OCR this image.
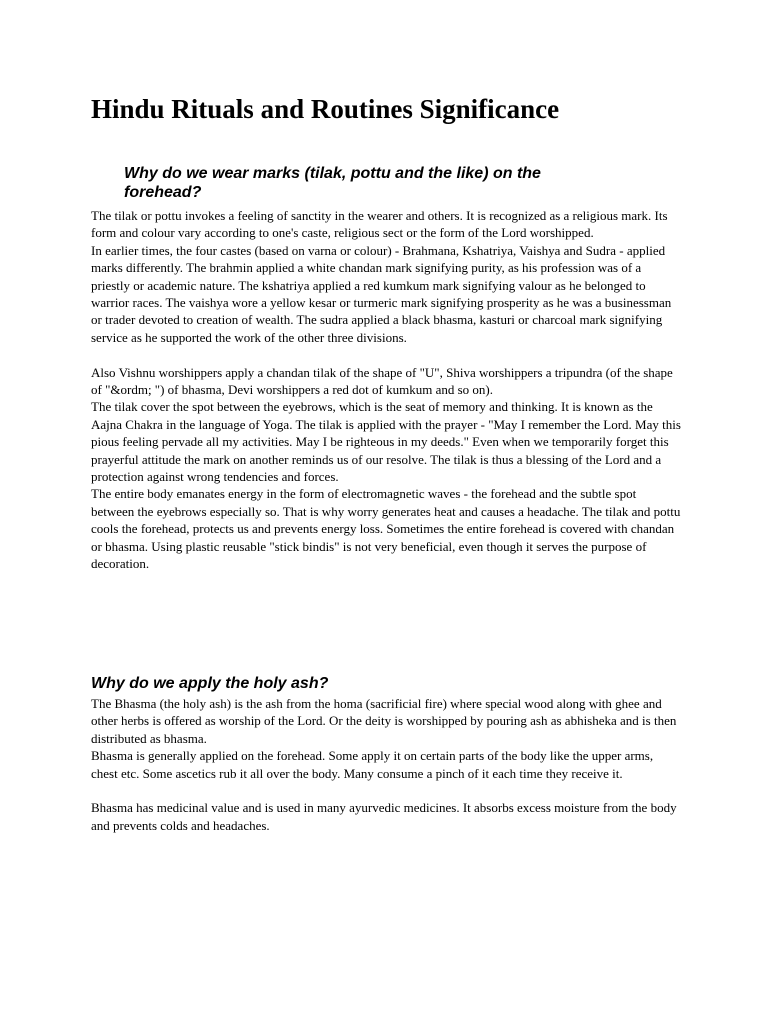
Hindu Rituals and Routines Significance
Why do we wear marks (tilak, pottu and the like) on the forehead?

The tilak or pottu invokes a feeling of sanctity in the wearer and others. It is recognized as a religious mark. Its form and colour vary according to one's caste, religious sect or the form of the Lord worshipped.

In earlier times, the four castes (based on varna or colour) - Brahmana, Kshatriya, Vaishya and Sudra - applied marks differently. The brahmin applied a white chandan mark signifying purity, as his profession was of a priestly or academic nature. The kshatriya applied a red kumkum mark signifying valour as he belonged to warrior races. The vaishya wore a yellow kesar or turmeric mark signifying prosperity as he was a businessman or trader devoted to creation of wealth. The sudra applied a black bhasma, kasturi or charcoal mark signifying service as he supported the work of the other three divisions.

Also Vishnu worshippers apply a chandan tilak of the shape of "U", Shiva worshippers a tripundra (of the shape of "&ordm; ") of bhasma, Devi worshippers a red dot of kumkum and so on).

The tilak cover the spot between the eyebrows, which is the seat of memory and thinking. It is known as the Aajna Chakra in the language of Yoga. The tilak is applied with the prayer - "May I remember the Lord. May this pious feeling pervade all my activities. May I be righteous in my deeds." Even when we temporarily forget this prayerful attitude the mark on another reminds us of our resolve. The tilak is thus a blessing of the Lord and a protection against wrong tendencies and forces.

The entire body emanates energy in the form of electromagnetic waves - the forehead and the subtle spot between the eyebrows especially so. That is why worry generates heat and causes a headache. The tilak and pottu cools the forehead, protects us and prevents energy loss. Sometimes the entire forehead is covered with chandan or bhasma. Using plastic reusable "stick bindis" is not very beneficial, even though it serves the purpose of decoration.

Why do we apply the holy ash?

The Bhasma (the holy ash) is the ash from the homa (sacrificial fire) where special wood along with ghee and other herbs is offered as worship of the Lord. Or the deity is worshipped by pouring ash as abhisheka and is then distributed as bhasma.

Bhasma is generally applied on the forehead. Some apply it on certain parts of the body like the upper arms, chest etc. Some ascetics rub it all over the body. Many consume a pinch of it each time they receive it.

Bhasma has medicinal value and is used in many ayurvedic medicines. It absorbs excess moisture from the body and prevents colds and headaches.
